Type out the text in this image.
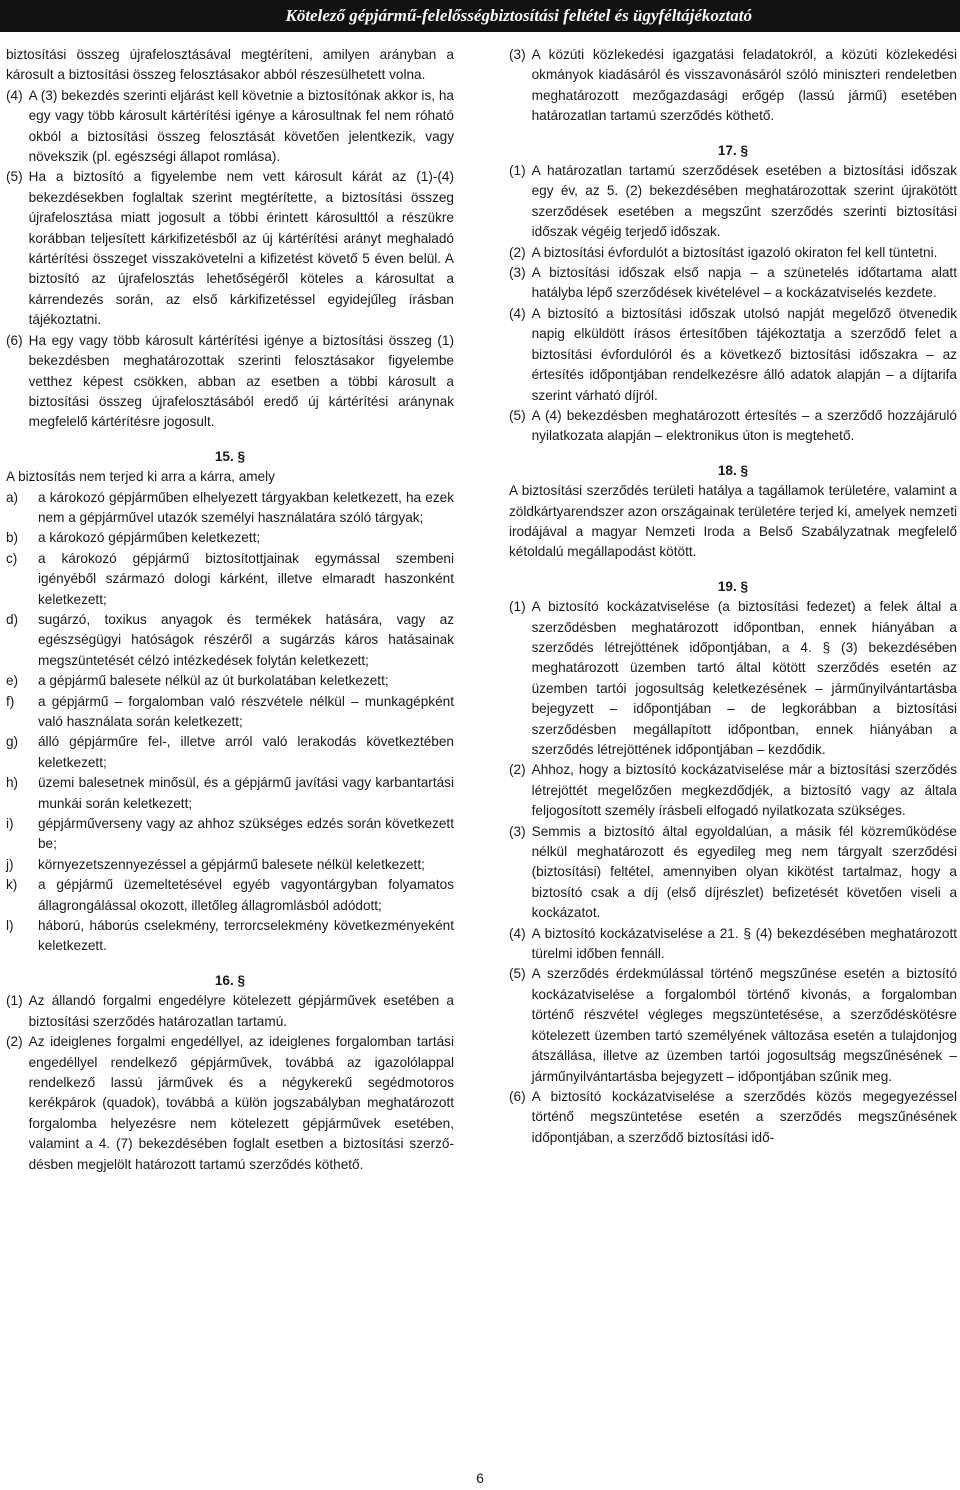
Kötelező gépjármű-felelősségbiztosítási feltétel és ügyféltájékoztató

biztosítási összeg újrafelosztásával megtéríteni, amilyen arányban a károsult a biztosítási összeg felosztásakor abból részesülhetett volna.

(4) A (3) bekezdés szerinti eljárást kell követnie a biztosítónak akkor is, ha egy vagy több károsult kártérítési igénye a károsultnak fel nem róható okból a biztosítási összeg felosztását követően jelentkezik, vagy növekszik (pl. egészségi állapot romlása).
(5) Ha a biztosító a figyelembe nem vett károsult kárát az (1)-(4) bekezdésekben foglaltak szerint megtérítette, a biztosítási összeg újrafelosztása miatt jogosult a többi érintett károsulttól a részükre korábban teljesített kárkifizetésből az új kártérítési arányt meghaladó kártérítési összeget visszakövetelni a kifizetést követő 5 éven belül. A biztosító az újrafelosztás lehetőségéről köteles a károsultat a kárrendezés során, az első kárkifizetéssel egyidejűleg írásban tájékoztatni.
(6) Ha egy vagy több károsult kártérítési igénye a biztosítási összeg (1) bekezdésben meghatározottak szerinti felosztásakor figyelembe vetthez képest csökken, abban az esetben a többi károsult a biztosítási összeg újrafelosztásából eredő új kártérítési aránynak megfelelő kártérítésre jogosult.

15. §

A biztosítás nem terjed ki arra a kárra, amely

a)	a károkozó gépjárműben elhelyezett tárgyakban keletkezett, ha ezek nem a gépjárművel utazók személyi használatára szóló tárgyak;
b)	a károkozó gépjárműben keletkezett;
c)	a károkozó gépjármű biztosítottjainak egymással szembeni igényéből származó dologi kárként, illetve elmaradt haszonként keletkezett;
d)	sugárzó, toxikus anyagok és termékek hatására, vagy az egészségügyi hatóságok részéről a sugárzás káros hatásainak megszüntetését célzó intézkedések folytán keletkezett;
e)	a gépjármű balesete nélkül az út burkolatában keletkezett;
f)	a gépjármű – forgalomban való részvétele nélkül – munkagépként való használata során keletkezett;
g)	álló gépjárműre fel-, illetve arról való lerakodás következtében keletkezett;
h)	üzemi balesetnek minősül, és a gépjármű javítási vagy karbantartási munkái során keletkezett;
i)	gépjárműverseny vagy az ahhoz szükséges edzés során következett be;
j)	környezetszennyezéssel a gépjármű balesete nélkül keletkezett;
k)	a gépjármű üzemeltetésével egyéb vagyontárgyban folyamatos állagrongálással okozott, illetőleg állagromlásból adódott;
l)	háború, háborús cselekmény, terrorcselekmény következményeként keletkezett.

16. §

(1) Az állandó forgalmi engedélyre kötelezett gépjárművek esetében a biztosítási szerződés határozatlan tartamú.
(2) Az ideiglenes forgalmi engedéllyel, az ideiglenes forgalomban tartási engedéllyel rendelkező gépjárművek, továbbá az igazolólappal rendelkező lassú járművek és a négykerekű segédmotoros kerékpárok (quadok), továbbá a külön jogszabályban meghatározott forgalomba helyezésre nem kötelezett gépjárművek esetében, valamint a 4. (7) bekezdésében foglalt esetben a biztosítási szerződésben megjelölt határozott tartamú szerződés köthető.
(3) A közúti közlekedési igazgatási feladatokról, a közúti közlekedési okmányok kiadásáról és visszavonásáról szóló miniszteri rendeletben meghatározott mezőgazdasági erőgép (lassú jármű) esetében határozatlan tartamú szerződés köthető.

17. §

(1) A határozatlan tartamú szerződések esetében a biztosítási időszak egy év, az 5. (2) bekezdésében meghatározottak szerint újrakötött szerződések esetében a megszűnt szerződés szerinti biztosítási időszak végéig terjedő időszak.
(2) A biztosítási évfordulót a biztosítást igazoló okiraton fel kell tüntetni.
(3) A biztosítási időszak első napja – a szünetelés időtartama alatt hatályba lépő szerződések kivételével – a kockázatviselés kezdete.
(4) A biztosító a biztosítási időszak utolsó napját megelőző ötvenedik napig elküldött írásos értesítőben tájékoztatja a szerződő felet a biztosítási évfordulóról és a következő biztosítási időszakra – az értesítés időpontjában rendelkezésre álló adatok alapján – a díjtarifa szerint várható díjról.
(5) A (4) bekezdésben meghatározott értesítés – a szerződő hozzájáruló nyilatkozata alapján – elektronikus úton is megtehető.

18. §

A biztosítási szerződés területi hatálya a tagállamok területére, valamint a zöldkártyarendszer azon országainak területére terjed ki, amelyek nemzeti irodájával a magyar Nemzeti Iroda a Belső Szabályzatnak megfelelő kétoldalú megállapodást kötött.

19. §

(1) A biztosító kockázatviselése (a biztosítási fedezet) a felek által a szerződésben meghatározott időpontban, ennek hiányában a szerződés létrejöttének időpontjában, a 4. § (3) bekezdésében meghatározott üzemben tartó által kötött szerződés esetén az üzemben tartói jogosultság keletkezésének – járműnyilvántartásba bejegyzett – időpontjában – de legkorábban a biztosítási szerződésben megállapított időpontban, ennek hiányában a szerződés létrejöttének időpontjában – kezdődik.
(2) Ahhoz, hogy a biztosító kockázatviselése már a biztosítási szerződés létrejöttét megelőzően megkezdődjék, a biztosító vagy az általa feljogosított személy írásbeli elfogadó nyilatkozata szükséges.
(3) Semmis a biztosító által egyoldalúan, a másik fél közreműködése nélkül meghatározott és egyedileg meg nem tárgyalt szerződési (biztosítási) feltétel, amennyiben olyan kikötést tartalmaz, hogy a biztosító csak a díj (első díjrészlet) befizetését követően viseli a kockázatot.
(4) A biztosító kockázatviselése a 21. § (4) bekezdésében meghatározott türelmi időben fennáll.
(5) A szerződés érdekmúlással történő megszűnése esetén a biztosító kockázatviselése a forgalomból történő kivonás, a forgalomban történő részvétel végleges megszüntetésése, a szerződéskötésre kötelezett üzemben tartó személyének változása esetén a tulajdonjog átszállása, illetve az üzemben tartói jogosultság megszűnésének – járműnyilvántartásba bejegyzett – időpontjában szűnik meg.
(6) A biztosító kockázatviselése a szerződés közös megegyezéssel történő megszüntetése esetén a szerződés megszűnésének időpontjában, a szerződő biztosítási idő-
6
